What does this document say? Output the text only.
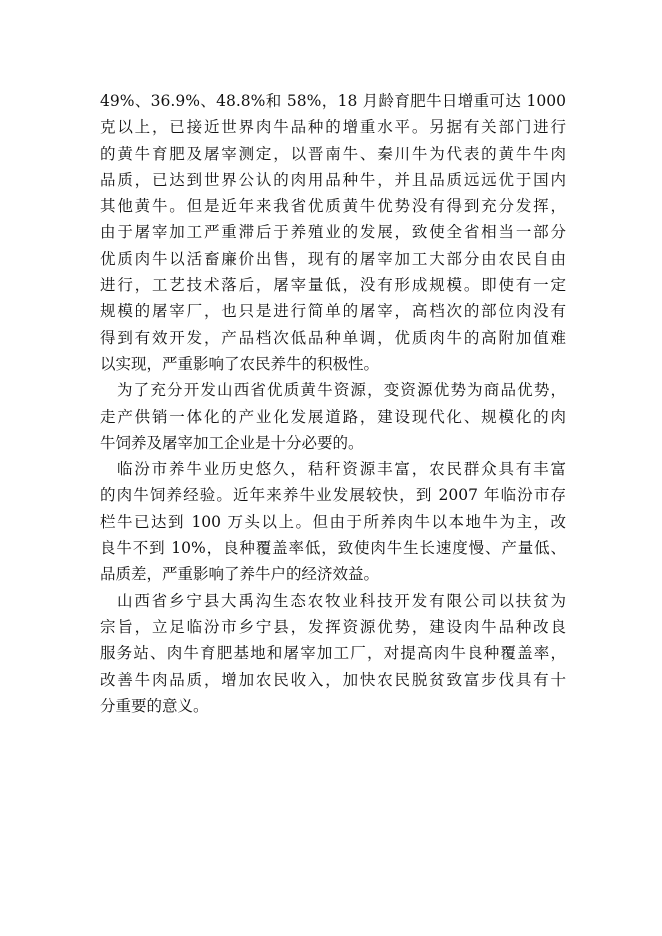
49%、36.9%、48.8%和 58%，18 月龄育肥牛日增重可达 1000
克以上，已接近世界肉牛品种的增重水平。另据有关部门进行
的黄牛育肥及屠宰测定，以晋南牛、秦川牛为代表的黄牛牛肉
品质，已达到世界公认的肉用品种牛，并且品质远远优于国内
其他黄牛。但是近年来我省优质黄牛优势没有得到充分发挥，
由于屠宰加工严重滞后于养殖业的发展，致使全省相当一部分
优质肉牛以活畜廉价出售，现有的屠宰加工大部分由农民自由
进行，工艺技术落后，屠宰量低，没有形成规模。即使有一定
规模的屠宰厂，也只是进行简单的屠宰，高档次的部位肉没有
得到有效开发，产品档次低品种单调，优质肉牛的高附加值难
以实现，严重影响了农民养牛的积极性。
为了充分开发山西省优质黄牛资源，变资源优势为商品优势，
走产供销一体化的产业化发展道路，建设现代化、规模化的肉
牛饲养及屠宰加工企业是十分必要的。
临汾市养牛业历史悠久，秸秆资源丰富，农民群众具有丰富
的肉牛饲养经验。近年来养牛业发展较快，到 2007 年临汾市存
栏牛已达到 100 万头以上。但由于所养肉牛以本地牛为主，改
良牛不到 10%，良种覆盖率低，致使肉牛生长速度慢、产量低、
品质差，严重影响了养牛户的经济效益。
山西省乡宁县大禹沟生态农牧业科技开发有限公司以扶贫为
宗旨，立足临汾市乡宁县，发挥资源优势，建设肉牛品种改良
服务站、肉牛育肥基地和屠宰加工厂，对提高肉牛良种覆盖率，
改善牛肉品质，增加农民收入，加快农民脱贫致富步伐具有十
分重要的意义。
